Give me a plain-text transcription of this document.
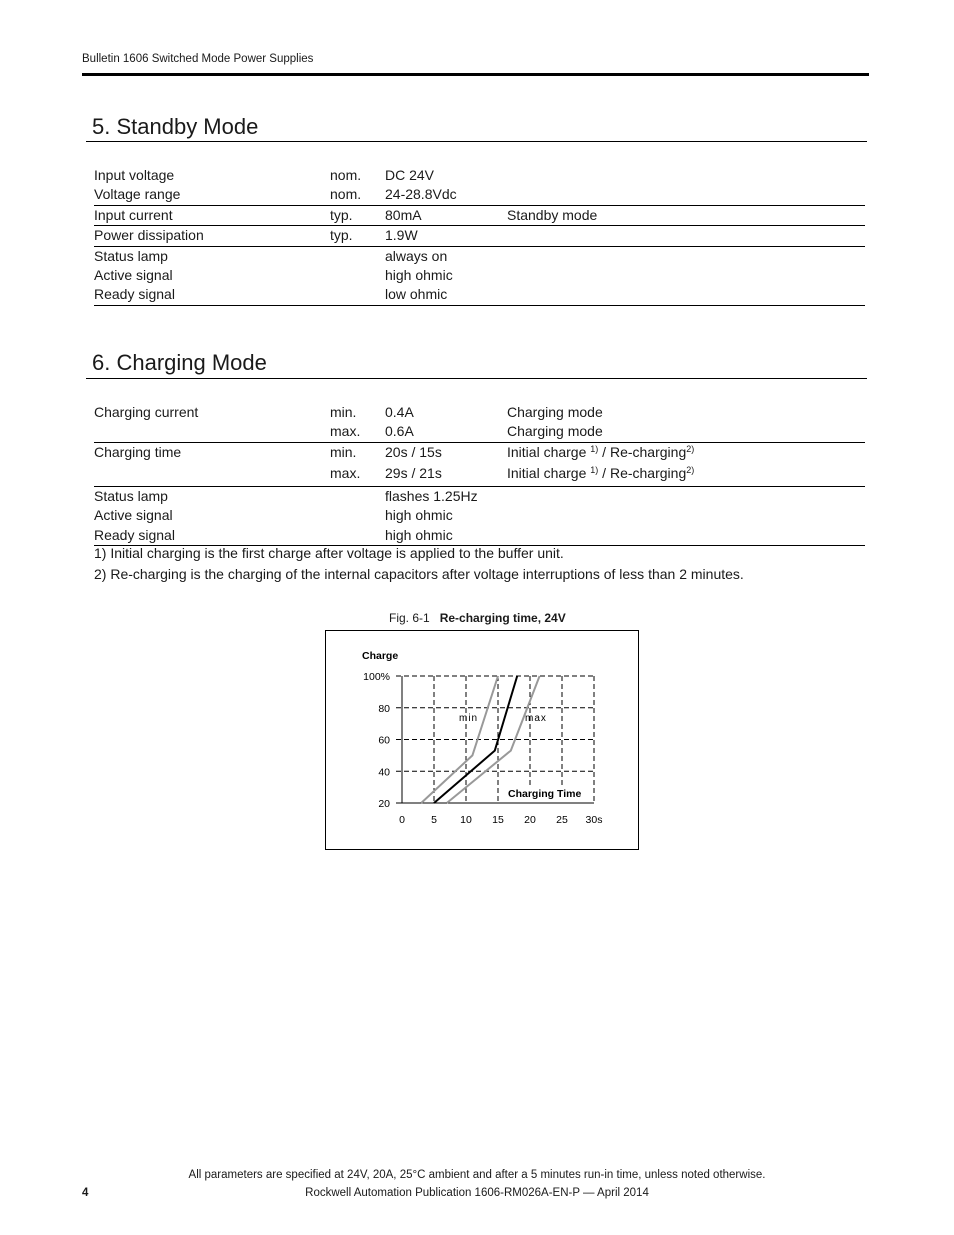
Bulletin 1606 Switched Mode Power Supplies
5. Standby Mode
Input voltage	nom.	DC 24V	
Voltage range	nom.	24-28.8Vdc	
Input current	typ.	80mA	Standby mode
Power dissipation	typ.	1.9W	
Status lamp		always on	
Active signal		high ohmic	
Ready signal		low ohmic	
6. Charging Mode
Charging current	min.	0.4A	Charging mode
	max.	0.6A	Charging mode
Charging time	min.	20s / 15s	Initial charge $^{1)}$ / Re-charging$^{2)}$
	max.	29s / 21s	Initial charge $^{1)}$ / Re-charging$^{2)}$
Status lamp		flashes 1.25Hz	
Active signal		high ohmic	
Ready signal		high ohmic	
1) Initial charging is the first charge after voltage is applied to the buffer unit.
2) Re-charging is the charging of the internal capacitors after voltage interruptions of less than 2 minutes.
Fig. 6-1 Re-charging time, 24V
0 5 10 15 20 25 30s
20
40
60
80
100%
Charge
Charging Time
min	max
All parameters are specified at 24V, 20A, 25°C ambient and after a 5 minutes run-in time, unless noted otherwise.
4	Rockwell Automation Publication 1606-RM026A-EN-P — April 2014
